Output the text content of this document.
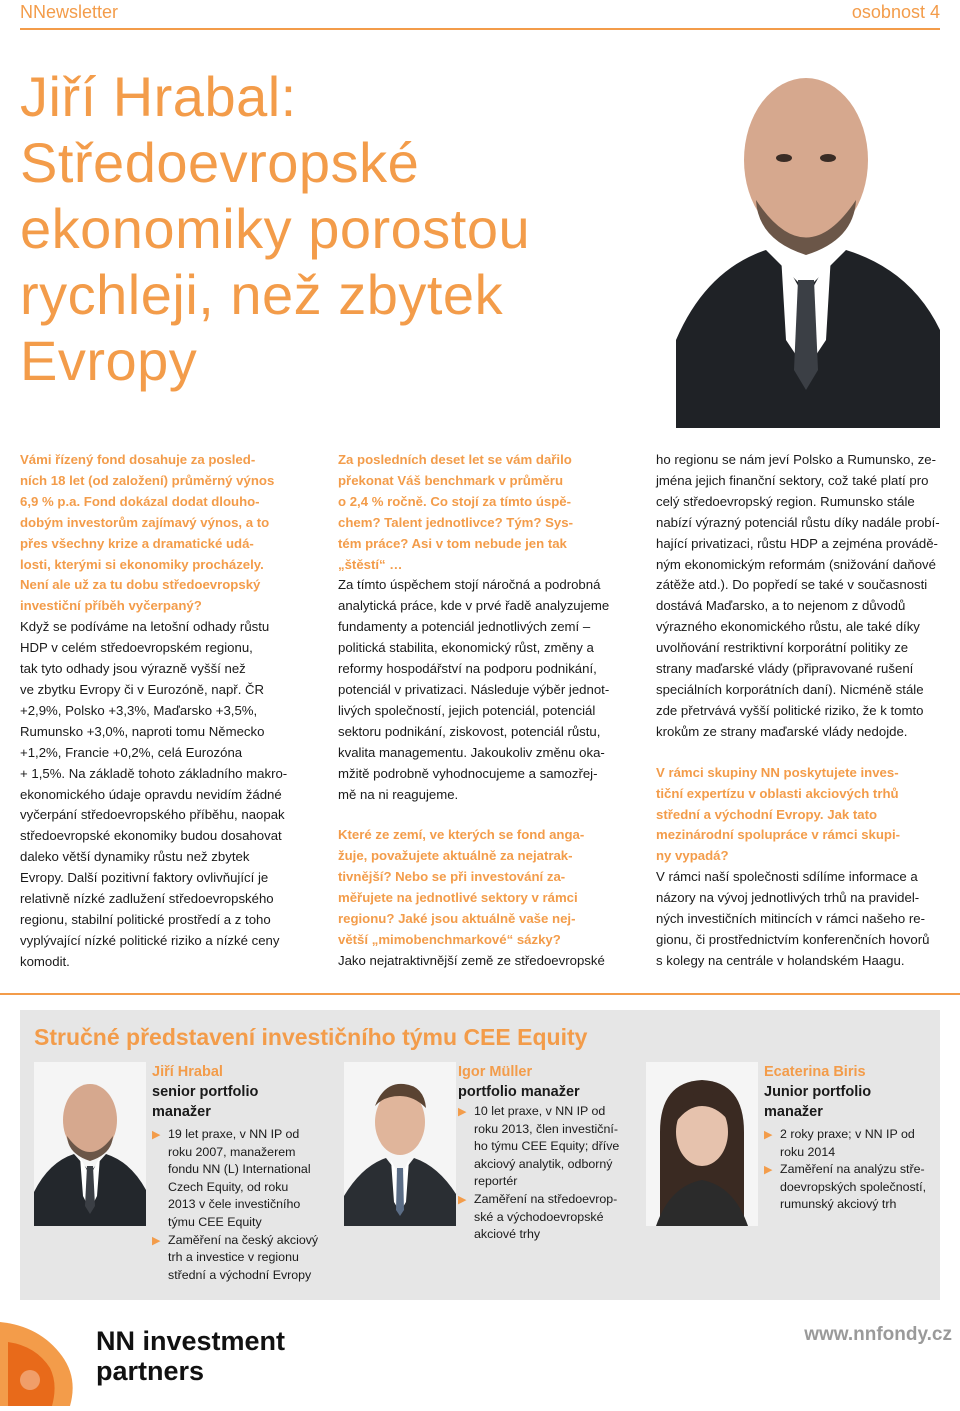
NNewsletter	osobnost 4
Jiří Hrabal:
Středoevropské
ekonomiky porostou
rychleji, než zbytek
Evropy

Vámi řízený fond dosahuje za posled-
ních 18 let (od založení) průměrný výnos
6,9 % p.a. Fond dokázal dodat dlouho-
dobým investorům zajímavý výnos, a to
přes všechny krize a dramatické udá-
losti, kterými si ekonomiky procházely.
Není ale už za tu dobu středoevropský
investiční příběh vyčerpaný?

Když se podíváme na letošní odhady růstu
HDP v celém středoevropském regionu,
tak tyto odhady jsou výrazně vyšší než
ve zbytku Evropy či v Eurozóně, např. ČR
+2,9%, Polsko +3,3%, Maďarsko +3,5%,
Rumunsko +3,0%, naproti tomu Německo
+1,2%, Francie +0,2%, celá Eurozóna
+ 1,5%. Na základě tohoto základního makro-
ekonomického údaje opravdu nevidím žádné
vyčerpání středoevropského příběhu, naopak
středoevropské ekonomiky budou dosahovat
daleko větší dynamiky růstu než zbytek
Evropy. Další pozitivní faktory ovlivňující je
relativně nízké zadlužení středoevropského
regionu, stabilní politické prostředí a z toho
vyplývající nízké politické riziko a nízké ceny
komodit.

Za posledních deset let se vám dařilo
překonat Váš benchmark v průměru
o 2,4 % ročně. Co stojí za tímto úspě-
chem? Talent jednotlivce? Tým? Sys-
tém práce? Asi v tom nebude jen tak
„štěstí“ …

Za tímto úspěchem stojí náročná a podrobná
analytická práce, kde v prvé řadě analyzujeme
fundamenty a potenciál jednotlivých zemí –
politická stabilita, ekonomický růst, změny a
reformy hospodářství na podporu podnikání,
potenciál v privatizaci. Následuje výběr jednot-
livých společností, jejich potenciál, potenciál
sektoru podnikání, ziskovost, potenciál růstu,
kvalita managementu. Jakoukoliv změnu oka-
mžitě podrobně vyhodnocujeme a samozřej-
mě na ni reagujeme.

Které ze zemí, ve kterých se fond anga-
žuje, považujete aktuálně za nejatrak-
tivnější? Nebo se při investování za-
měřujete na jednotlivé sektory v rámci
regionu? Jaké jsou aktuálně vaše nej-
větší „mimobenchmarkové“ sázky?

Jako nejatraktivnější země ze středoevropské

ho regionu se nám jeví Polsko a Rumunsko, ze-
jména jejich finanční sektory, což také platí pro
celý středoevropský region. Rumunsko stále
nabízí výrazný potenciál růstu díky nadále probí-
hající privatizaci, růstu HDP a zejména provádě-
ným ekonomickým reformám (snižování daňové
zátěže atd.). Do popředí se také v současnosti
dostává Maďarsko, a to nejenom z důvodů
výrazného ekonomického růstu, ale také díky
uvolňování restriktivní korporátní politiky ze
strany maďarské vlády (připravované rušení
speciálních korporátních daní). Nicméně stále
zde přetrvává vyšší politické riziko, že k tomto
krokům ze strany maďarské vlády nedojde.

V rámci skupiny NN poskytujete inves-
tiční expertízu v oblasti akciových trhů
střední a východní Evropy. Jak tato
mezinárodní spolupráce v rámci skupi-
ny vypadá?

V rámci naší společnosti sdílíme informace a
názory na vývoj jednotlivých trhů na pravidel-
ných investičních mitincích v rámci našeho re-
gionu, či prostřednictvím konferenčních hovorů
s kolegy na centrále v holandském Haagu.

Stručné představení investičního týmu CEE Equity
Jiří Hrabal
senior portfolio
manažer
▶ 19 let praxe, v NN IP od
roku 2007, manažerem
fondu NN (L) International
Czech Equity, od roku
2013 v čele investičního
týmu CEE Equity
▶ Zaměření na český akciový
trh a investice v regionu
střední a východní Evropy
Igor Müller
portfolio manažer
▶ 10 let praxe, v NN IP od
roku 2013, člen investiční-
ho týmu CEE Equity; dříve
akciový analytik, odborný
reportér
▶ Zaměření na středoevrop-
ské a východoevropské
akciové trhy
Ecaterina Biris
Junior portfolio
manažer
▶ 2 roky praxe; v NN IP od
roku 2014
▶ Zaměření na analýzu stře-
doevropských společností,
rumunský akciový trh
NN investment
partners
www.nnfondy.cz
